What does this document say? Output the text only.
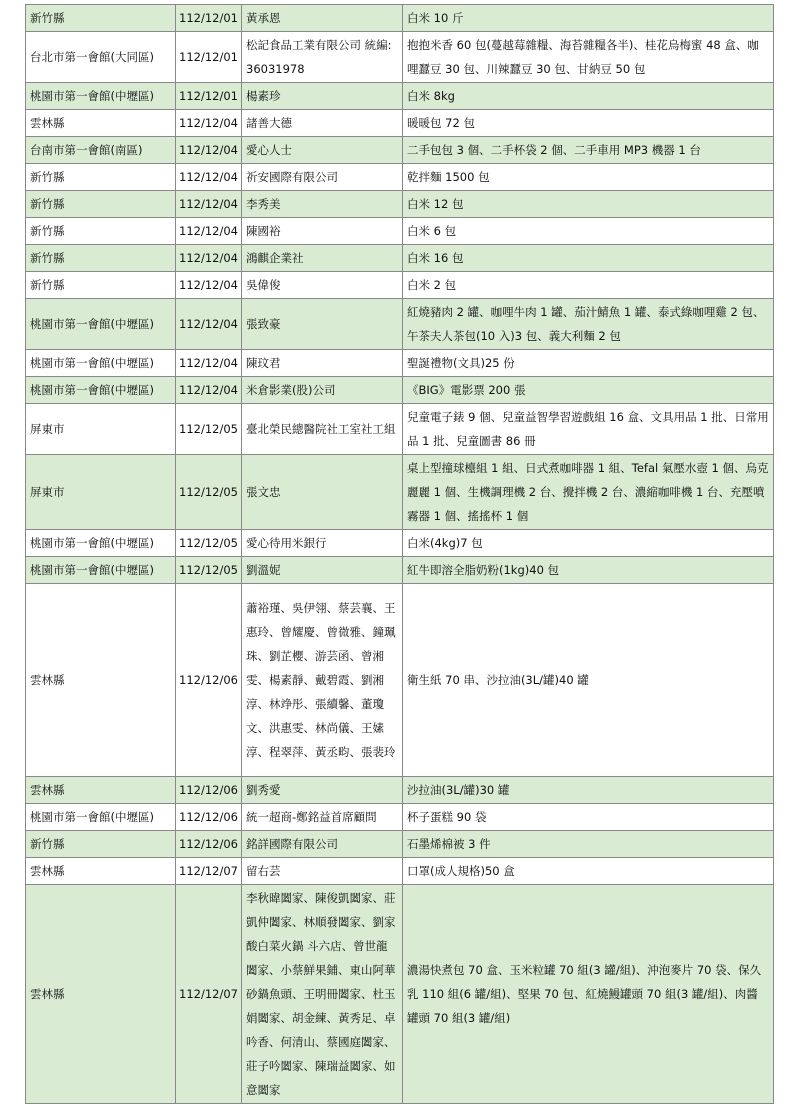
新竹縣	112/12/01	黃承恩	白米 10 斤
台北市第一會館(大同區)	112/12/01	松記食品工業有限公司 統編:36031978	抱抱米香 60 包(蔓越莓雜糧、海苔雜糧各半)、桂花烏梅蜜 48 盒、咖哩蠶豆 30 包、川辣蠶豆 30 包、甘納豆 50 包
桃園市第一會館(中壢區)	112/12/01	楊素珍	白米 8kg
雲林縣	112/12/04	諸善大德	暖暖包 72 包
台南市第一會館(南區)	112/12/04	愛心人士	二手包包 3 個、二手杯袋 2 個、二手車用 MP3 機器 1 台
新竹縣	112/12/04	祈安國際有限公司	乾拌麵 1500 包
新竹縣	112/12/04	李秀美	白米 12 包
新竹縣	112/12/04	陳國裕	白米 6 包
新竹縣	112/12/04	鴻麒企業社	白米 16 包
新竹縣	112/12/04	吳偉俊	白米 2 包
桃園市第一會館(中壢區)	112/12/04	張致豪	紅燒豬肉 2 罐、咖哩牛肉 1 罐、茄汁鯖魚 1 罐、泰式綠咖哩雞 2 包、午茶夫人茶包(10 入)3 包、義大利麵 2 包
桃園市第一會館(中壢區)	112/12/04	陳玟君	聖誕禮物(文具)25 份
桃園市第一會館(中壢區)	112/12/04	米倉影業(股)公司	《BIG》電影票 200 張
屏東市	112/12/05	臺北榮民總醫院社工室社工組	兒童電子錶 9 個、兒童益智學習遊戲組 16 盒、文具用品 1 批、日常用品 1 批、兒童圖書 86 冊
屏東市	112/12/05	張文忠	桌上型撞球檯組 1 組、日式煮咖啡器 1 組、Tefal 氣壓水壺 1 個、烏克麗麗 1 個、生機調理機 2 台、攪拌機 2 台、濃縮咖啡機 1 台、充壓噴霧器 1 個、搖搖杯 1 個
桃園市第一會館(中壢區)	112/12/05	愛心待用米銀行	白米(4kg)7 包
桃園市第一會館(中壢區)	112/12/05	劉溫妮	紅牛即溶全脂奶粉(1kg)40 包
雲林縣	112/12/06	蕭裕瑾、吳伊翎、蔡芸襄、王惠玲、曾耀慶、曾微雅、鐘珮珠、劉芷櫻、游芸函、曾湘雯、楊素靜、戴碧霞、劉湘淳、林竫彤、張續馨、董瓊文、洪惠雯、林尚儀、王嫊淳、程翠萍、黃丞畇、張裴玲	衛生紙 70 串、沙拉油(3L/罐)40 罐
雲林縣	112/12/06	劉秀愛	沙拉油(3L/罐)30 罐
桃園市第一會館(中壢區)	112/12/06	統一超商-鄭銘益首席顧問	杯子蛋糕 90 袋
新竹縣	112/12/06	銘詳國際有限公司	石墨烯棉被 3 件
雲林縣	112/12/07	留右芸	口罩(成人規格)50 盒
雲林縣	112/12/07	李秋暐闔家、陳俊凱闔家、莊凱仲闔家、林順發闔家、劉家酸白菜火鍋 斗六店、曾世龍闔家、小蔡鮮果鋪、東山阿華砂鍋魚頭、王明冊闔家、杜玉娟闔家、胡金練、黃秀足、卓吟香、何清山、蔡國庭闔家、莊子吟闔家、陳瑞益闔家、如意闔家	濃湯快煮包 70 盒、玉米粒罐 70 組(3 罐/組)、沖泡麥片 70 袋、保久乳 110 組(6 罐/組)、堅果 70 包、紅燒鰻罐頭 70 組(3 罐/組)、肉醬罐頭 70 組(3 罐/組)
